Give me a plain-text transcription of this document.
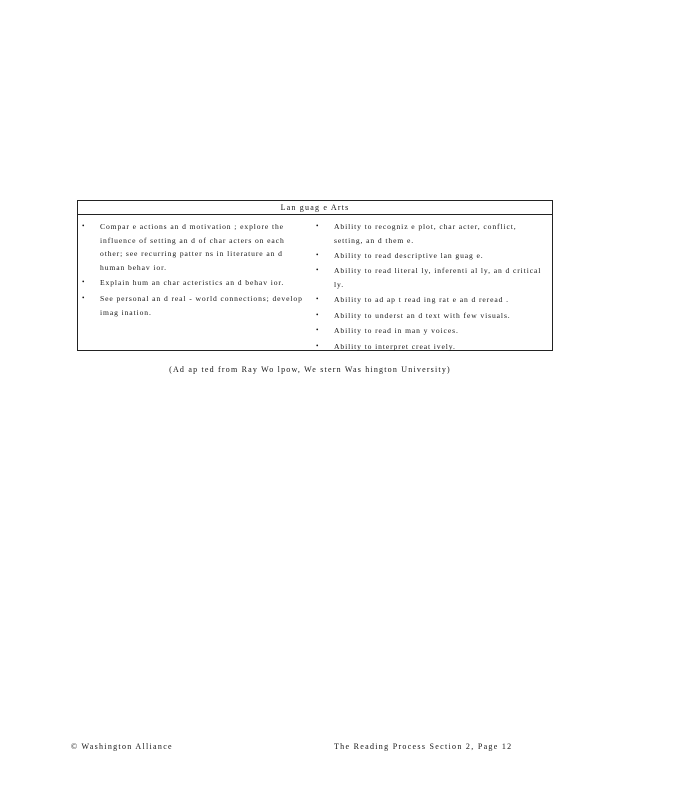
Lan guag e Arts
• Compar e actions an d motivation ; explore the influence of setting an d of char acters on each other; see recurring patter ns in literature an d human behav ior.
• Explain hum an char acteristics an d behav ior.
• See personal an d real - world connections; develop imag ination.
• Ability to recogniz e plot, char acter, conflict, setting, an d them e.
• Ability to read descriptive lan guag e.
• Ability to read literal ly, inferenti al ly, an d critical ly.
• Ability to ad ap t read ing rat e an d reread .
• Ability to underst an d text with few visuals.
• Ability to read in man y voices.
• Ability to interpret creat ively.
(Ad ap ted from Ray Wo lpow, We stern Was hington University)
© Washington Alliance	The Reading Process Section 2, Page 12
